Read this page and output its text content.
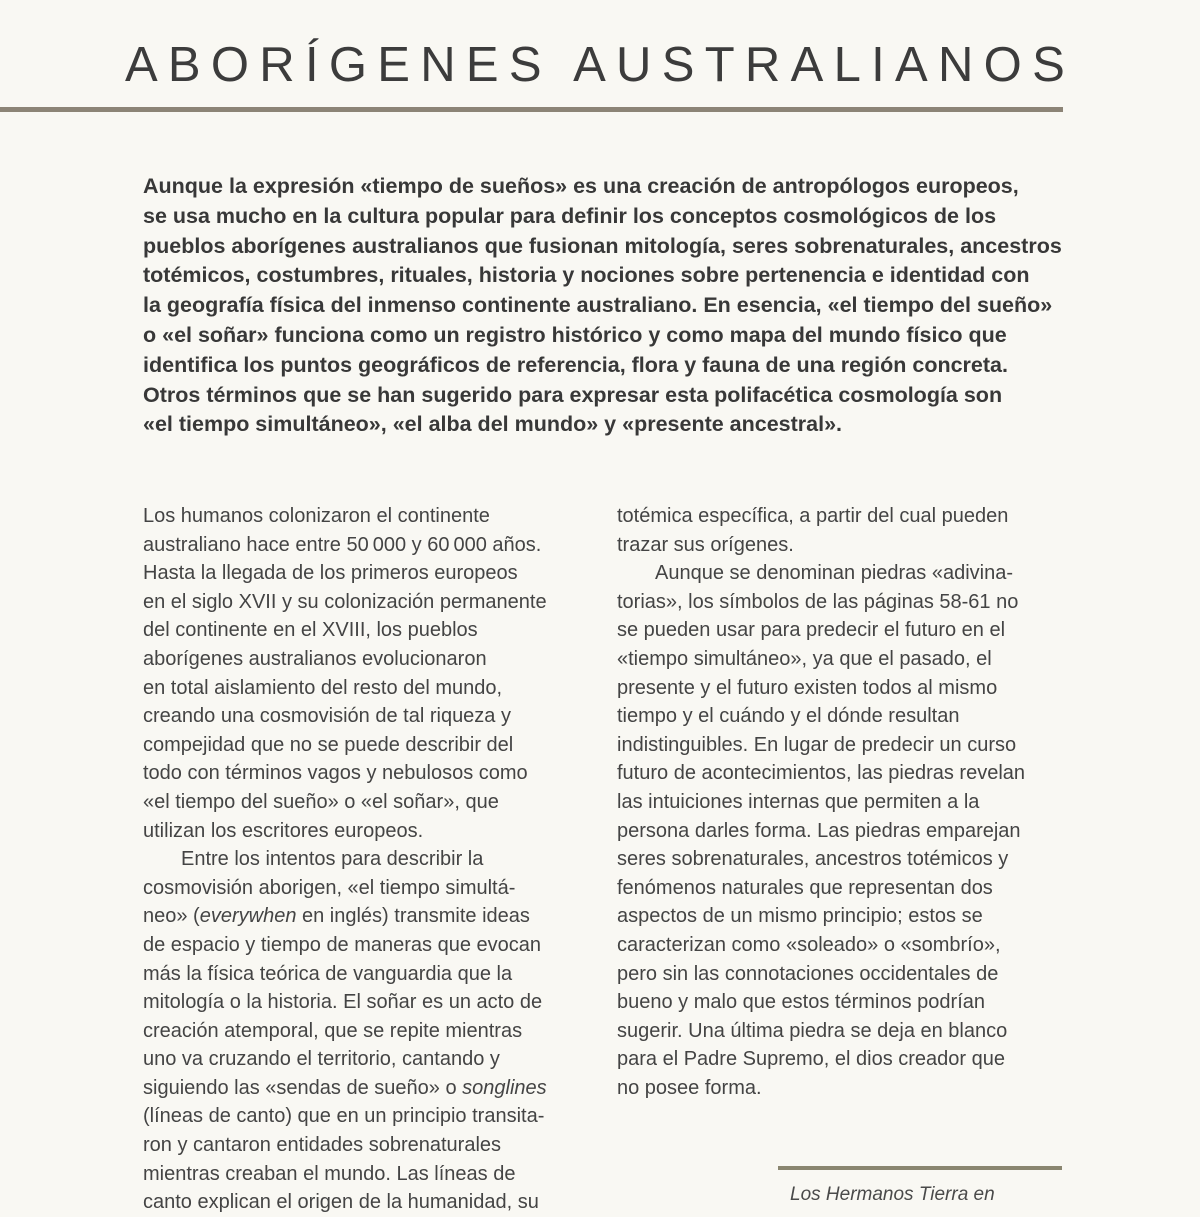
ABORÍGENES AUSTRALIANOS
Aunque la expresión «tiempo de sueños» es una creación de antropólogos europeos,
se usa mucho en la cultura popular para definir los conceptos cosmológicos de los
pueblos aborígenes australianos que fusionan mitología, seres sobrenaturales, ancestros
totémicos, costumbres, rituales, historia y nociones sobre pertenencia e identidad con
la geografía física del inmenso continente australiano. En esencia, «el tiempo del sueño»
o «el soñar» funciona como un registro histórico y como mapa del mundo físico que
identifica los puntos geográficos de referencia, flora y fauna de una región concreta.
Otros términos que se han sugerido para expresar esta polifacética cosmología son
«el tiempo simultáneo», «el alba del mundo» y «presente ancestral».
Los humanos colonizaron el continente
australiano hace entre 50 000 y 60 000 años.
Hasta la llegada de los primeros europeos
en el siglo XVII y su colonización permanente
del continente en el XVIII, los pueblos
aborígenes australianos evolucionaron
en total aislamiento del resto del mundo,
creando una cosmovisión de tal riqueza y
compejidad que no se puede describir del
todo con términos vagos y nebulosos como
«el tiempo del sueño» o «el soñar», que
utilizan los escritores europeos.
Entre los intentos para describir la
cosmovisión aborigen, «el tiempo simultá-
neo» (everywhen en inglés) transmite ideas
de espacio y tiempo de maneras que evocan
más la física teórica de vanguardia que la
mitología o la historia. El soñar es un acto de
creación atemporal, que se repite mientras
uno va cruzando el territorio, cantando y
siguiendo las «sendas de sueño» o songlines
(líneas de canto) que en un principio transita-
ron y cantaron entidades sobrenaturales
mientras creaban el mundo. Las líneas de
canto explican el origen de la humanidad, su
totémica específica, a partir del cual pueden
trazar sus orígenes.
Aunque se denominan piedras «adivina-
torias», los símbolos de las páginas 58-61 no
se pueden usar para predecir el futuro en el
«tiempo simultáneo», ya que el pasado, el
presente y el futuro existen todos al mismo
tiempo y el cuándo y el dónde resultan
indistinguibles. En lugar de predecir un curso
futuro de acontecimientos, las piedras revelan
las intuiciones internas que permiten a la
persona darles forma. Las piedras emparejan
seres sobrenaturales, ancestros totémicos y
fenómenos naturales que representan dos
aspectos de un mismo principio; estos se
caracterizan como «soleado» o «sombrío»,
pero sin las connotaciones occidentales de
bueno y malo que estos términos podrían
sugerir. Una última piedra se deja en blanco
para el Padre Supremo, el dios creador que
no posee forma.
Los Hermanos Tierra en
